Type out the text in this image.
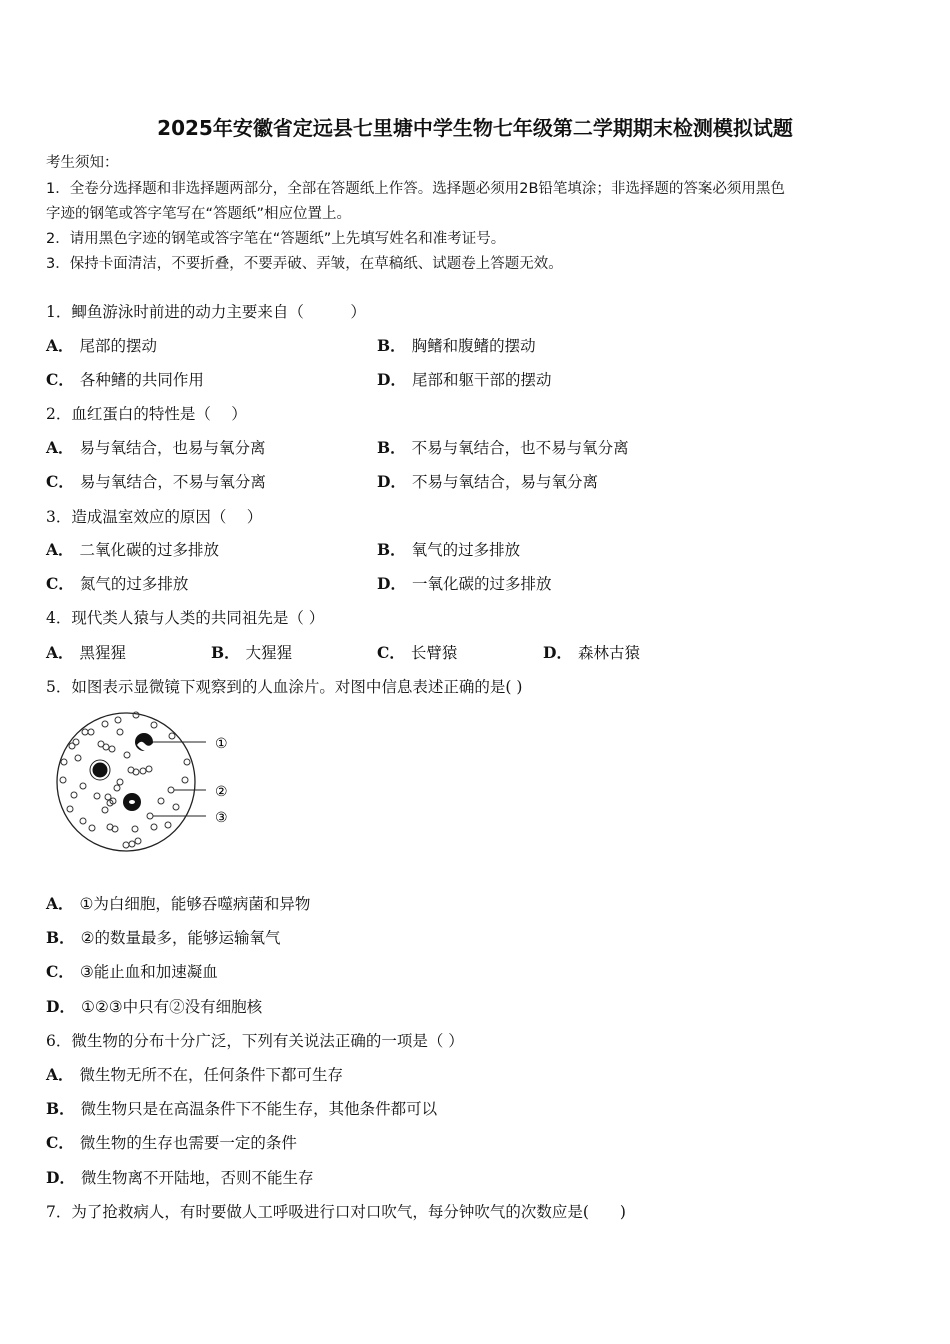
2025年安徽省定远县七里塘中学生物七年级第二学期期末检测模拟试题
考生须知：
1．全卷分选择题和非选择题两部分，全部在答题纸上作答。选择题必须用2B铅笔填涂；非选择题的答案必须用黑色
字迹的钢笔或答字笔写在“答题纸”相应位置上。
2．请用黑色字迹的钢笔或答字笔在“答题纸”上先填写姓名和准考证号。
3．保持卡面清洁，不要折叠，不要弄破、弄皱，在草稿纸、试题卷上答题无效。
1．鲫鱼游泳时前进的动力主要来自（　　　）
A． 尾部的摆动	B． 胸鳍和腹鳍的摆动
C． 各种鳍的共同作用	D． 尾部和躯干部的摆动
2．血红蛋白的特性是（　 ）
A． 易与氧结合，也易与氧分离	B． 不易与氧结合，也不易与氧分离
C． 易与氧结合，不易与氧分离	D． 不易与氧结合，易与氧分离
3．造成温室效应的原因（　 ）
A． 二氧化碳的过多排放	B． 氧气的过多排放
C． 氮气的过多排放	D． 一氧化碳的过多排放
4．现代类人猿与人类的共同祖先是（ ）
A． 黑猩猩	B． 大猩猩	C． 长臂猿	D． 森林古猿
5．如图表示显微镜下观察到的人血涂片。对图中信息表述正确的是( )
①
②
③
A． ①为白细胞，能够吞噬病菌和异物
B． ②的数量最多，能够运输氧气
C． ③能止血和加速凝血
D． ①②③中只有②没有细胞核
6．微生物的分布十分广泛，下列有关说法正确的一项是（ ）
A． 微生物无所不在，任何条件下都可生存
B． 微生物只是在高温条件下不能生存，其他条件都可以
C． 微生物的生存也需要一定的条件
D． 微生物离不开陆地，否则不能生存
7．为了抢救病人，有时要做人工呼吸进行口对口吹气，每分钟吹气的次数应是(　　)
